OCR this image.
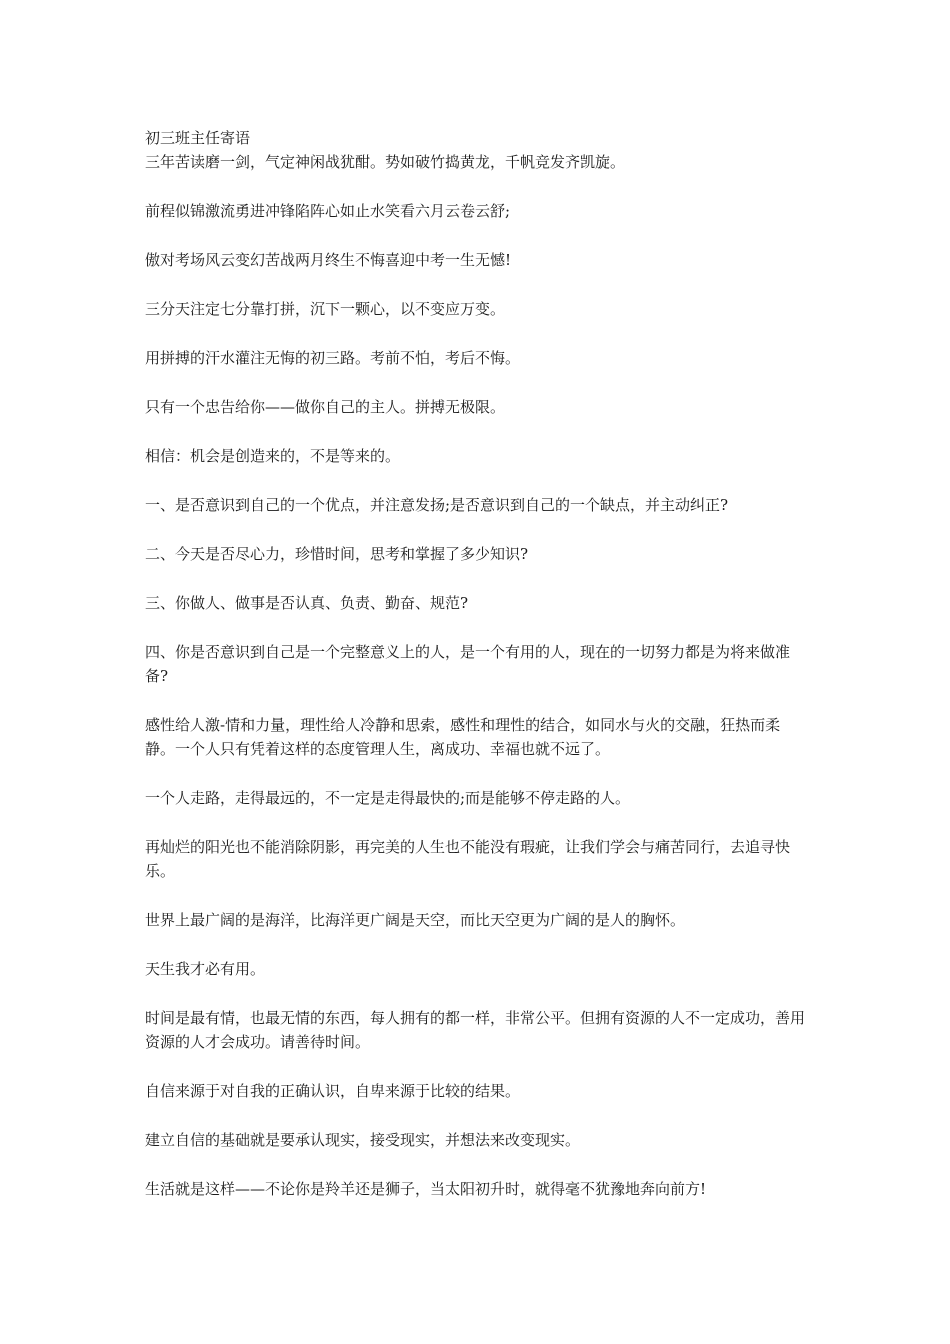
初三班主任寄语

三年苦读磨一剑，气定神闲战犹酣。势如破竹捣黄龙，千帆竞发齐凯旋。

前程似锦激流勇进冲锋陷阵心如止水笑看六月云卷云舒;

傲对考场风云变幻苦战两月终生不悔喜迎中考一生无憾!

三分天注定七分靠打拼，沉下一颗心，以不变应万变。

用拼搏的汗水灌注无悔的初三路。考前不怕，考后不悔。

只有一个忠告给你——做你自己的主人。拼搏无极限。

相信：机会是创造来的，不是等来的。

一、是否意识到自己的一个优点，并注意发扬;是否意识到自己的一个缺点，并主动纠正?

二、今天是否尽心力，珍惜时间，思考和掌握了多少知识?

三、你做人、做事是否认真、负责、勤奋、规范?

四、你是否意识到自己是一个完整意义上的人，是一个有用的人，现在的一切努力都是为将来做准备?

感性给人激-情和力量，理性给人冷静和思索，感性和理性的结合，如同水与火的交融，狂热而柔静。一个人只有凭着这样的态度管理人生，离成功、幸福也就不远了。

一个人走路，走得最远的，不一定是走得最快的;而是能够不停走路的人。

再灿烂的阳光也不能消除阴影，再完美的人生也不能没有瑕疵，让我们学会与痛苦同行，去追寻快乐。

世界上最广阔的是海洋，比海洋更广阔是天空，而比天空更为广阔的是人的胸怀。

天生我才必有用。

时间是最有情，也最无情的东西，每人拥有的都一样，非常公平。但拥有资源的人不一定成功，善用资源的人才会成功。请善待时间。

自信来源于对自我的正确认识，自卑来源于比较的结果。

建立自信的基础就是要承认现实，接受现实，并想法来改变现实。

生活就是这样——不论你是羚羊还是狮子，当太阳初升时，就得毫不犹豫地奔向前方!
